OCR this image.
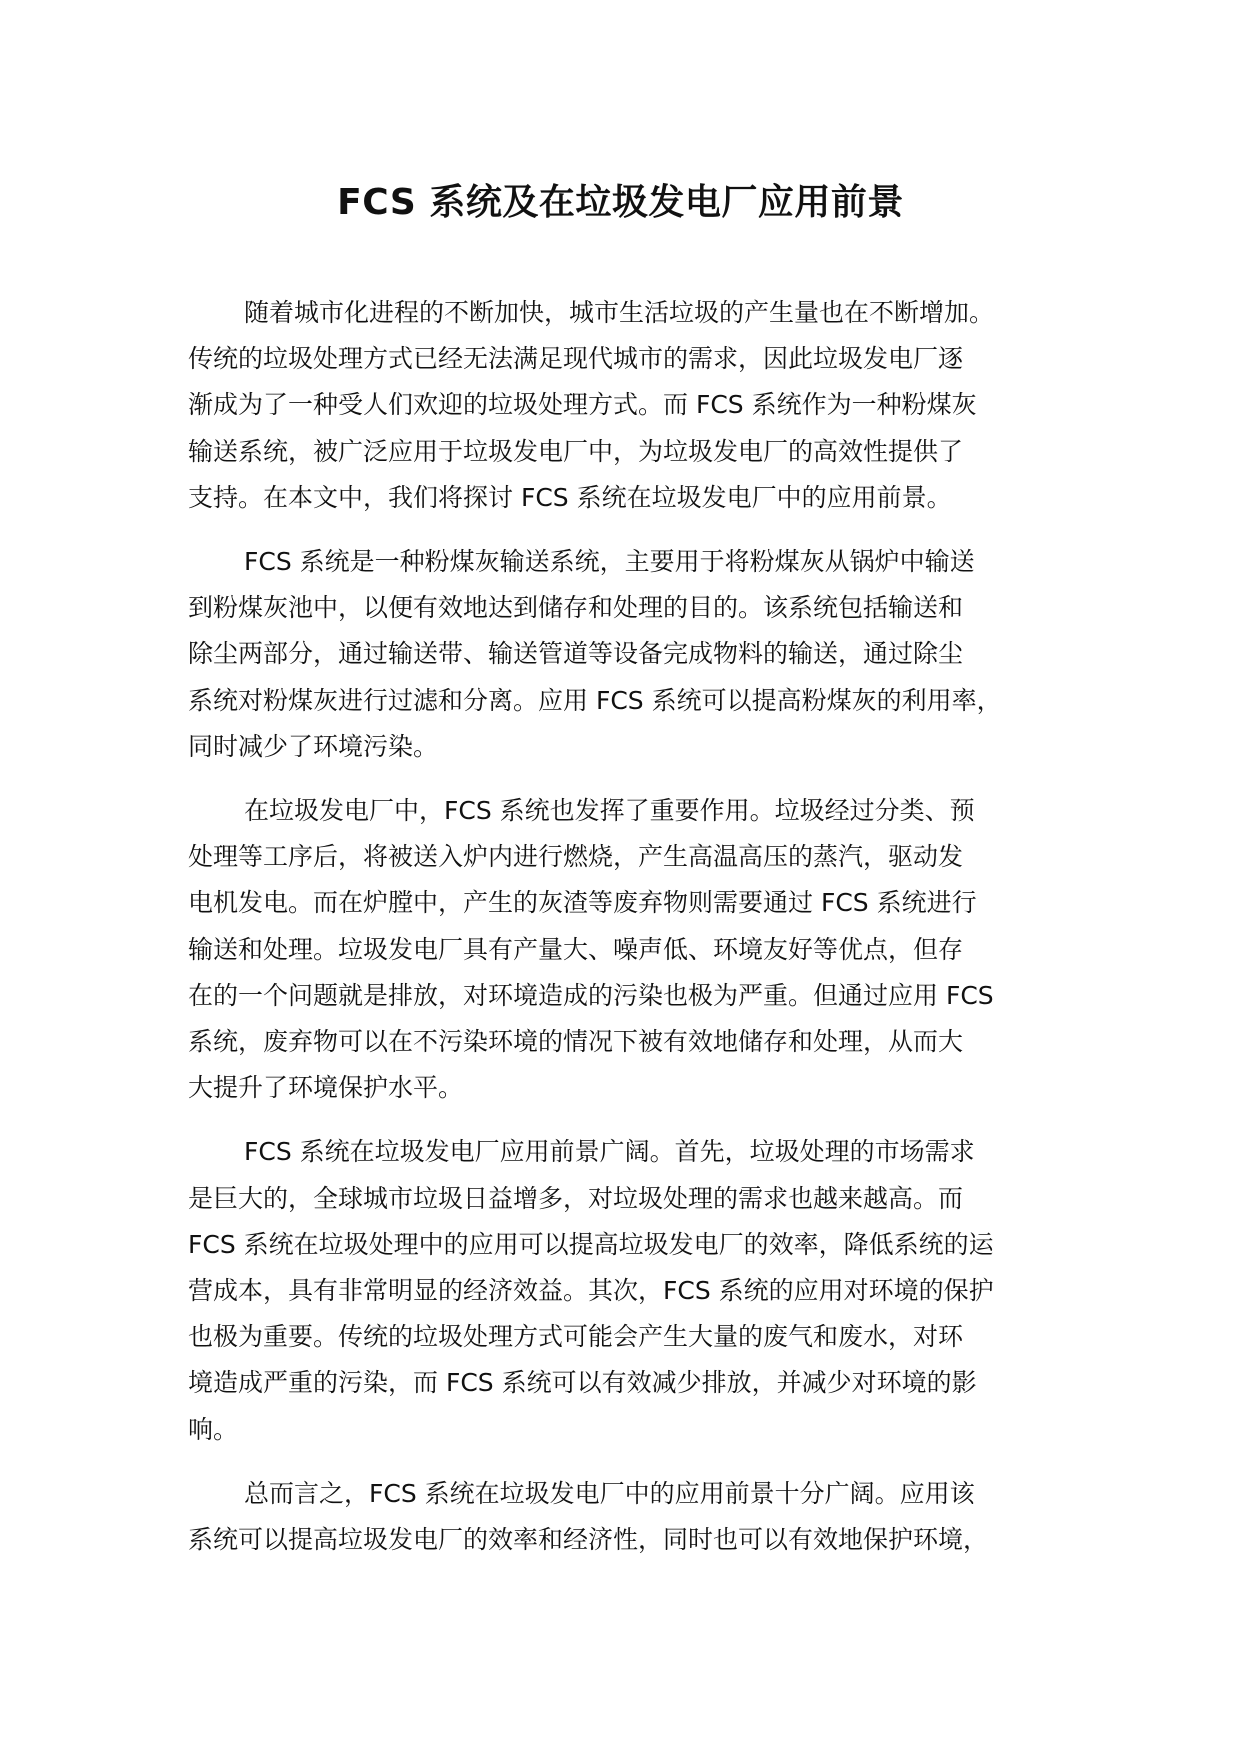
FCS 系统及在垃圾发电厂应用前景

随着城市化进程的不断加快，城市生活垃圾的产生量也在不断增加。
传统的垃圾处理方式已经无法满足现代城市的需求，因此垃圾发电厂逐
渐成为了一种受人们欢迎的垃圾处理方式。而 FCS 系统作为一种粉煤灰
输送系统，被广泛应用于垃圾发电厂中，为垃圾发电厂的高效性提供了
支持。在本文中，我们将探讨 FCS 系统在垃圾发电厂中的应用前景。

FCS 系统是一种粉煤灰输送系统，主要用于将粉煤灰从锅炉中输送
到粉煤灰池中，以便有效地达到储存和处理的目的。该系统包括输送和
除尘两部分，通过输送带、输送管道等设备完成物料的输送，通过除尘
系统对粉煤灰进行过滤和分离。应用 FCS 系统可以提高粉煤灰的利用率，
同时减少了环境污染。

在垃圾发电厂中，FCS 系统也发挥了重要作用。垃圾经过分类、预
处理等工序后，将被送入炉内进行燃烧，产生高温高压的蒸汽，驱动发
电机发电。而在炉膛中，产生的灰渣等废弃物则需要通过 FCS 系统进行
输送和处理。垃圾发电厂具有产量大、噪声低、环境友好等优点，但存
在的一个问题就是排放，对环境造成的污染也极为严重。但通过应用 FCS
系统，废弃物可以在不污染环境的情况下被有效地储存和处理，从而大
大提升了环境保护水平。

FCS 系统在垃圾发电厂应用前景广阔。首先，垃圾处理的市场需求
是巨大的，全球城市垃圾日益增多，对垃圾处理的需求也越来越高。而
FCS 系统在垃圾处理中的应用可以提高垃圾发电厂的效率，降低系统的运
营成本，具有非常明显的经济效益。其次，FCS 系统的应用对环境的保护
也极为重要。传统的垃圾处理方式可能会产生大量的废气和废水，对环
境造成严重的污染，而 FCS 系统可以有效减少排放，并减少对环境的影
响。

总而言之，FCS 系统在垃圾发电厂中的应用前景十分广阔。应用该
系统可以提高垃圾发电厂的效率和经济性，同时也可以有效地保护环境，
